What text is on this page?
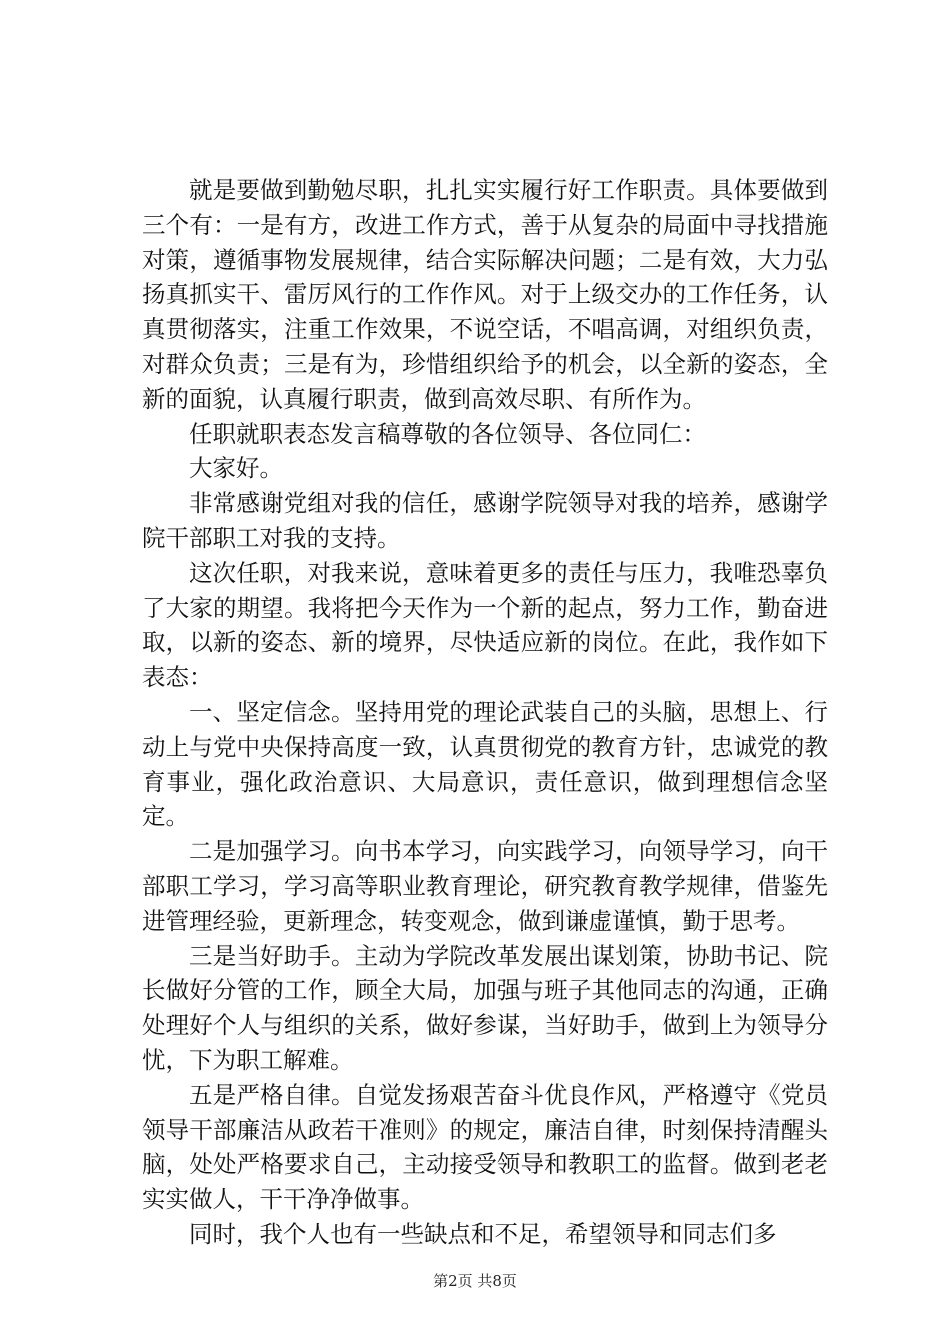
就是要做到勤勉尽职，扎扎实实履行好工作职责。具体要做到三个有：一是有方，改进工作方式，善于从复杂的局面中寻找措施对策，遵循事物发展规律，结合实际解决问题；二是有效，大力弘扬真抓实干、雷厉风行的工作作风。对于上级交办的工作任务，认真贯彻落实，注重工作效果，不说空话，不唱高调，对组织负责，对群众负责；三是有为，珍惜组织给予的机会，以全新的姿态，全新的面貌，认真履行职责，做到高效尽职、有所作为。

任职就职表态发言稿尊敬的各位领导、各位同仁：

大家好。

非常感谢党组对我的信任，感谢学院领导对我的培养，感谢学院干部职工对我的支持。

这次任职，对我来说，意味着更多的责任与压力，我唯恐辜负了大家的期望。我将把今天作为一个新的起点，努力工作，勤奋进取，以新的姿态、新的境界，尽快适应新的岗位。在此，我作如下表态：

一、坚定信念。坚持用党的理论武装自己的头脑，思想上、行动上与党中央保持高度一致，认真贯彻党的教育方针，忠诚党的教育事业，强化政治意识、大局意识，责任意识，做到理想信念坚定。

二是加强学习。向书本学习，向实践学习，向领导学习，向干部职工学习，学习高等职业教育理论，研究教育教学规律，借鉴先进管理经验，更新理念，转变观念，做到谦虚谨慎，勤于思考。

三是当好助手。主动为学院改革发展出谋划策，协助书记、院长做好分管的工作，顾全大局，加强与班子其他同志的沟通，正确处理好个人与组织的关系，做好参谋，当好助手，做到上为领导分忧，下为职工解难。

五是严格自律。自觉发扬艰苦奋斗优良作风，严格遵守《党员领导干部廉洁从政若干准则》的规定，廉洁自律，时刻保持清醒头脑，处处严格要求自己，主动接受领导和教职工的监督。做到老老实实做人，干干净净做事。

同时，我个人也有一些缺点和不足，希望领导和同志们多

第2页 共8页
